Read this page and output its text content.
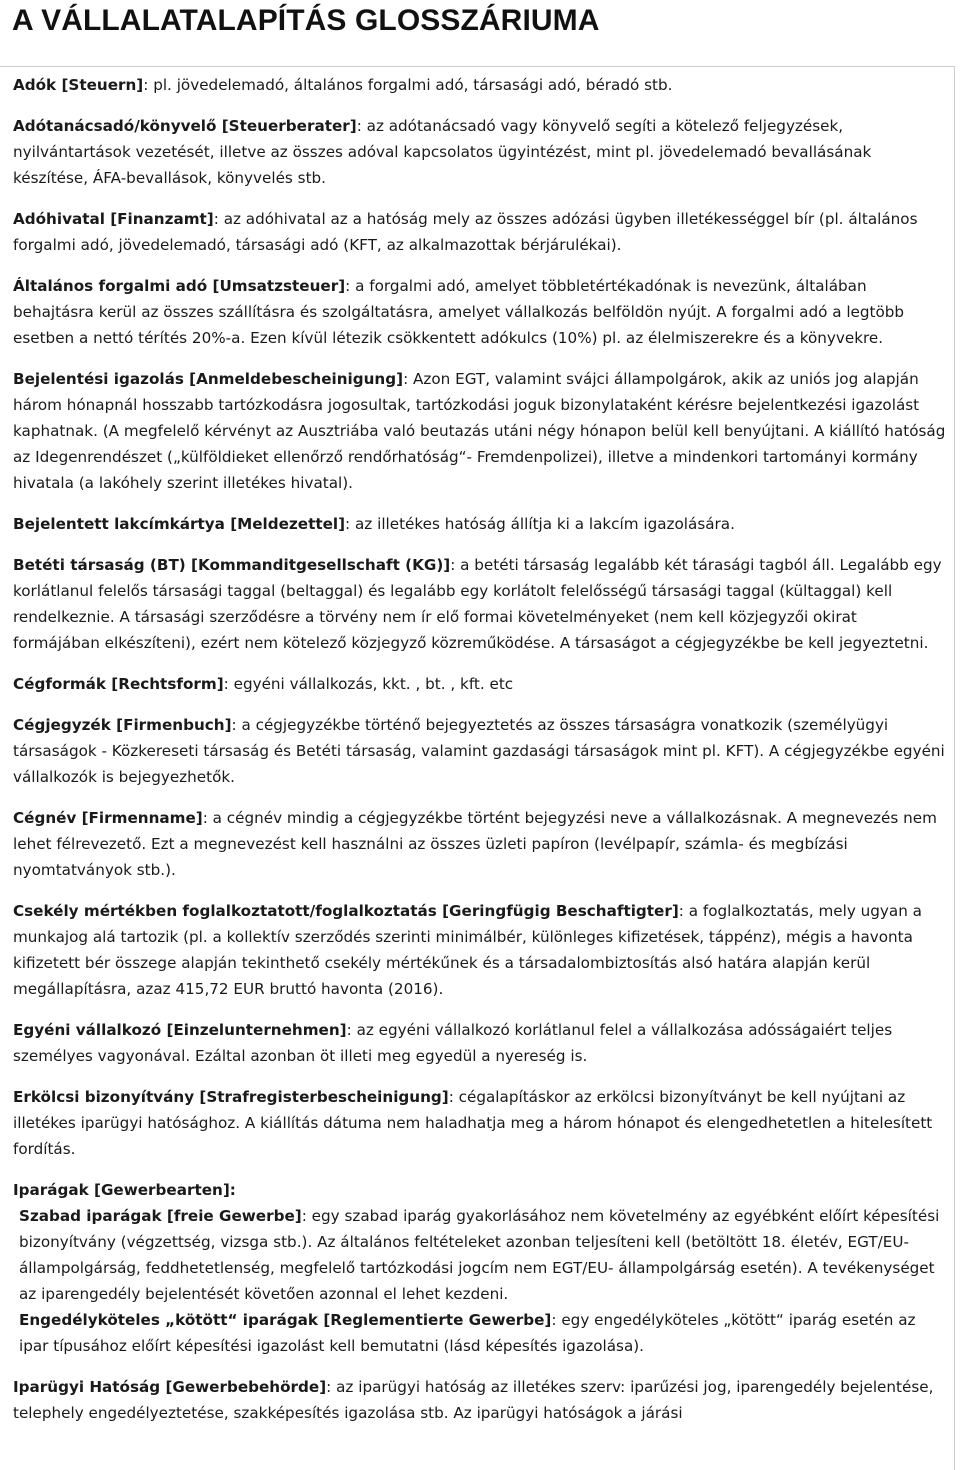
A VÁLLALATALAPÍTÁS GLOSSZÁRIUMA

Adók [Steuern]: pl. jövedelemadó, általános forgalmi adó, társasági adó, béradó stb.

Adótanácsadó/könyvelő [Steuerberater]: az adótanácsadó vagy könyvelő segíti a kötelező feljegyzések, nyilvántartások vezetését, illetve az összes adóval kapcsolatos ügyintézést, mint pl. jövedelemadó bevallásának készítése, ÁFA-bevallások, könyvelés stb.

Adóhivatal [Finanzamt]: az adóhivatal az a hatóság mely az összes adózási ügyben illetékességgel bír (pl. általános forgalmi adó, jövedelemadó, társasági adó (KFT, az alkalmazottak bérjárulékai).

Általános forgalmi adó [Umsatzsteuer]: a forgalmi adó, amelyet többletértékadónak is nevezünk, általában behajtásra kerül az összes szállításra és szolgáltatásra, amelyet vállalkozás belföldön nyújt. A forgalmi adó a legtöbb esetben a nettó térítés 20%-a. Ezen kívül létezik csökkentett adókulcs (10%) pl. az élelmiszerekre és a könyvekre.

Bejelentési igazolás [Anmeldebescheinigung]: Azon EGT, valamint svájci állampolgárok, akik az uniós jog alapján három hónapnál hosszabb tartózkodásra jogosultak, tartózkodási joguk bizonylataként kérésre bejelentkezési igazolást kaphatnak. (A megfelelő kérvényt az Ausztriába való beutazás utáni négy hónapon belül kell benyújtani. A kiállító hatóság az Idegenrendészet („külföldieket ellenőrző rendőrhatóság“- Fremdenpolizei), illetve a mindenkori tartományi kormány hivatala (a lakóhely szerint illetékes hivatal).

Bejelentett lakcímkártya [Meldezettel]: az illetékes hatóság állítja ki a lakcím igazolására.

Betéti társaság (BT) [Kommanditgesellschaft (KG)]: a betéti társaság legalább két tárasági tagból áll. Legalább egy korlátlanul felelős társasági taggal (beltaggal) és legalább egy korlátolt felelősségű társasági taggal (kültaggal) kell rendelkeznie. A társasági szerződésre a törvény nem ír elő formai követelményeket (nem kell közjegyzői okirat formájában elkészíteni), ezért nem kötelező közjegyző közreműködése. A társaságot a cégjegyzékbe be kell jegyeztetni.

Cégformák [Rechtsform]: egyéni vállalkozás, kkt. , bt. , kft. etc

Cégjegyzék [Firmenbuch]: a cégjegyzékbe történő bejegyeztetés az összes társaságra vonatkozik (személyügyi társaságok - Közkereseti társaság és Betéti társaság, valamint gazdasági társaságok mint pl. KFT). A cégjegyzékbe egyéni vállalkozók is bejegyezhetők.

Cégnév [Firmenname]: a cégnév mindig a cégjegyzékbe történt bejegyzési neve a vállalkozásnak. A megnevezés nem lehet félrevezető. Ezt a megnevezést kell használni az összes üzleti papíron (levélpapír, számla- és megbízási nyomtatványok stb.).

Csekély mértékben foglalkoztatott/foglalkoztatás [Geringfügig Beschaftigter]: a foglalkoztatás, mely ugyan a munkajog alá tartozik (pl. a kollektív szerződés szerinti minimálbér, különleges kifizetések, táppénz), mégis a havonta kifizetett bér összege alapján tekinthető csekély mértékűnek és a társadalombiztosítás alsó határa alapján kerül megállapításra, azaz 415,72 EUR bruttó havonta (2016).

Egyéni vállalkozó [Einzelunternehmen]: az egyéni vállalkozó korlátlanul felel a vállalkozása adósságaiért teljes személyes vagyonával. Ezáltal azonban öt illeti meg egyedül a nyereség is.

Erkölcsi bizonyítvány [Strafregisterbescheinigung]: cégalapításkor az erkölcsi bizonyítványt be kell nyújtani az illetékes iparügyi hatósághoz. A kiállítás dátuma nem haladhatja meg a három hónapot és elengedhetetlen a hitelesített fordítás.

Iparágak [Gewerbearten]:

Szabad iparágak [freie Gewerbe]: egy szabad iparág gyakorlásához nem követelmény az egyébként előírt képesítési bizonyítvány (végzettség, vizsga stb.). Az általános feltételeket azonban teljesíteni kell (betöltött 18. életév, EGT/EU- állampolgárság, feddhetetlenség, megfelelő tartózkodási jogcím nem EGT/EU- állampolgárság esetén). A tevékenységet az iparengedély bejelentését követően azonnal el lehet kezdeni.

Engedélyköteles „kötött“ iparágak [Reglementierte Gewerbe]: egy engedélyköteles „kötött“ iparág esetén az ipar típusához előírt képesítési igazolást kell bemutatni (lásd képesítés igazolása).

Iparügyi Hatóság [Gewerbebehörde]: az iparügyi hatóság az illetékes szerv: iparűzési jog, iparengedély bejelentése, telephely engedélyeztetése, szakképesítés igazolása stb. Az iparügyi hatóságok a járási
